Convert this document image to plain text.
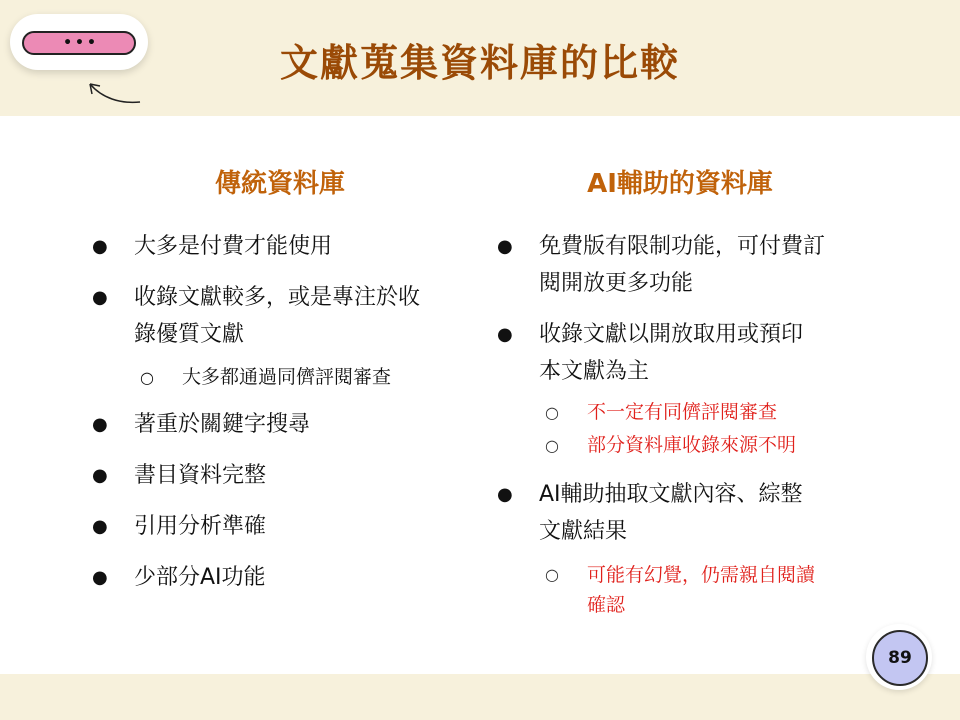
•••	文獻蒐集資料庫的比較
傳統資料庫	AI輔助的資料庫
● 大多是付費才能使用
● 收錄文獻較多，或是專注於收
錄優質文獻
○ 大多都通過同儕評閱審查
● 著重於關鍵字搜尋
● 書目資料完整
● 引用分析準確
● 少部分AI功能
● 免費版有限制功能，可付費訂
閱開放更多功能
● 收錄文獻以開放取用或預印
本文獻為主
○ 不一定有同儕評閱審查
○ 部分資料庫收錄來源不明
● AI輔助抽取文獻內容、綜整
文獻結果
○ 可能有幻覺，仍需親自閱讀
確認
89
